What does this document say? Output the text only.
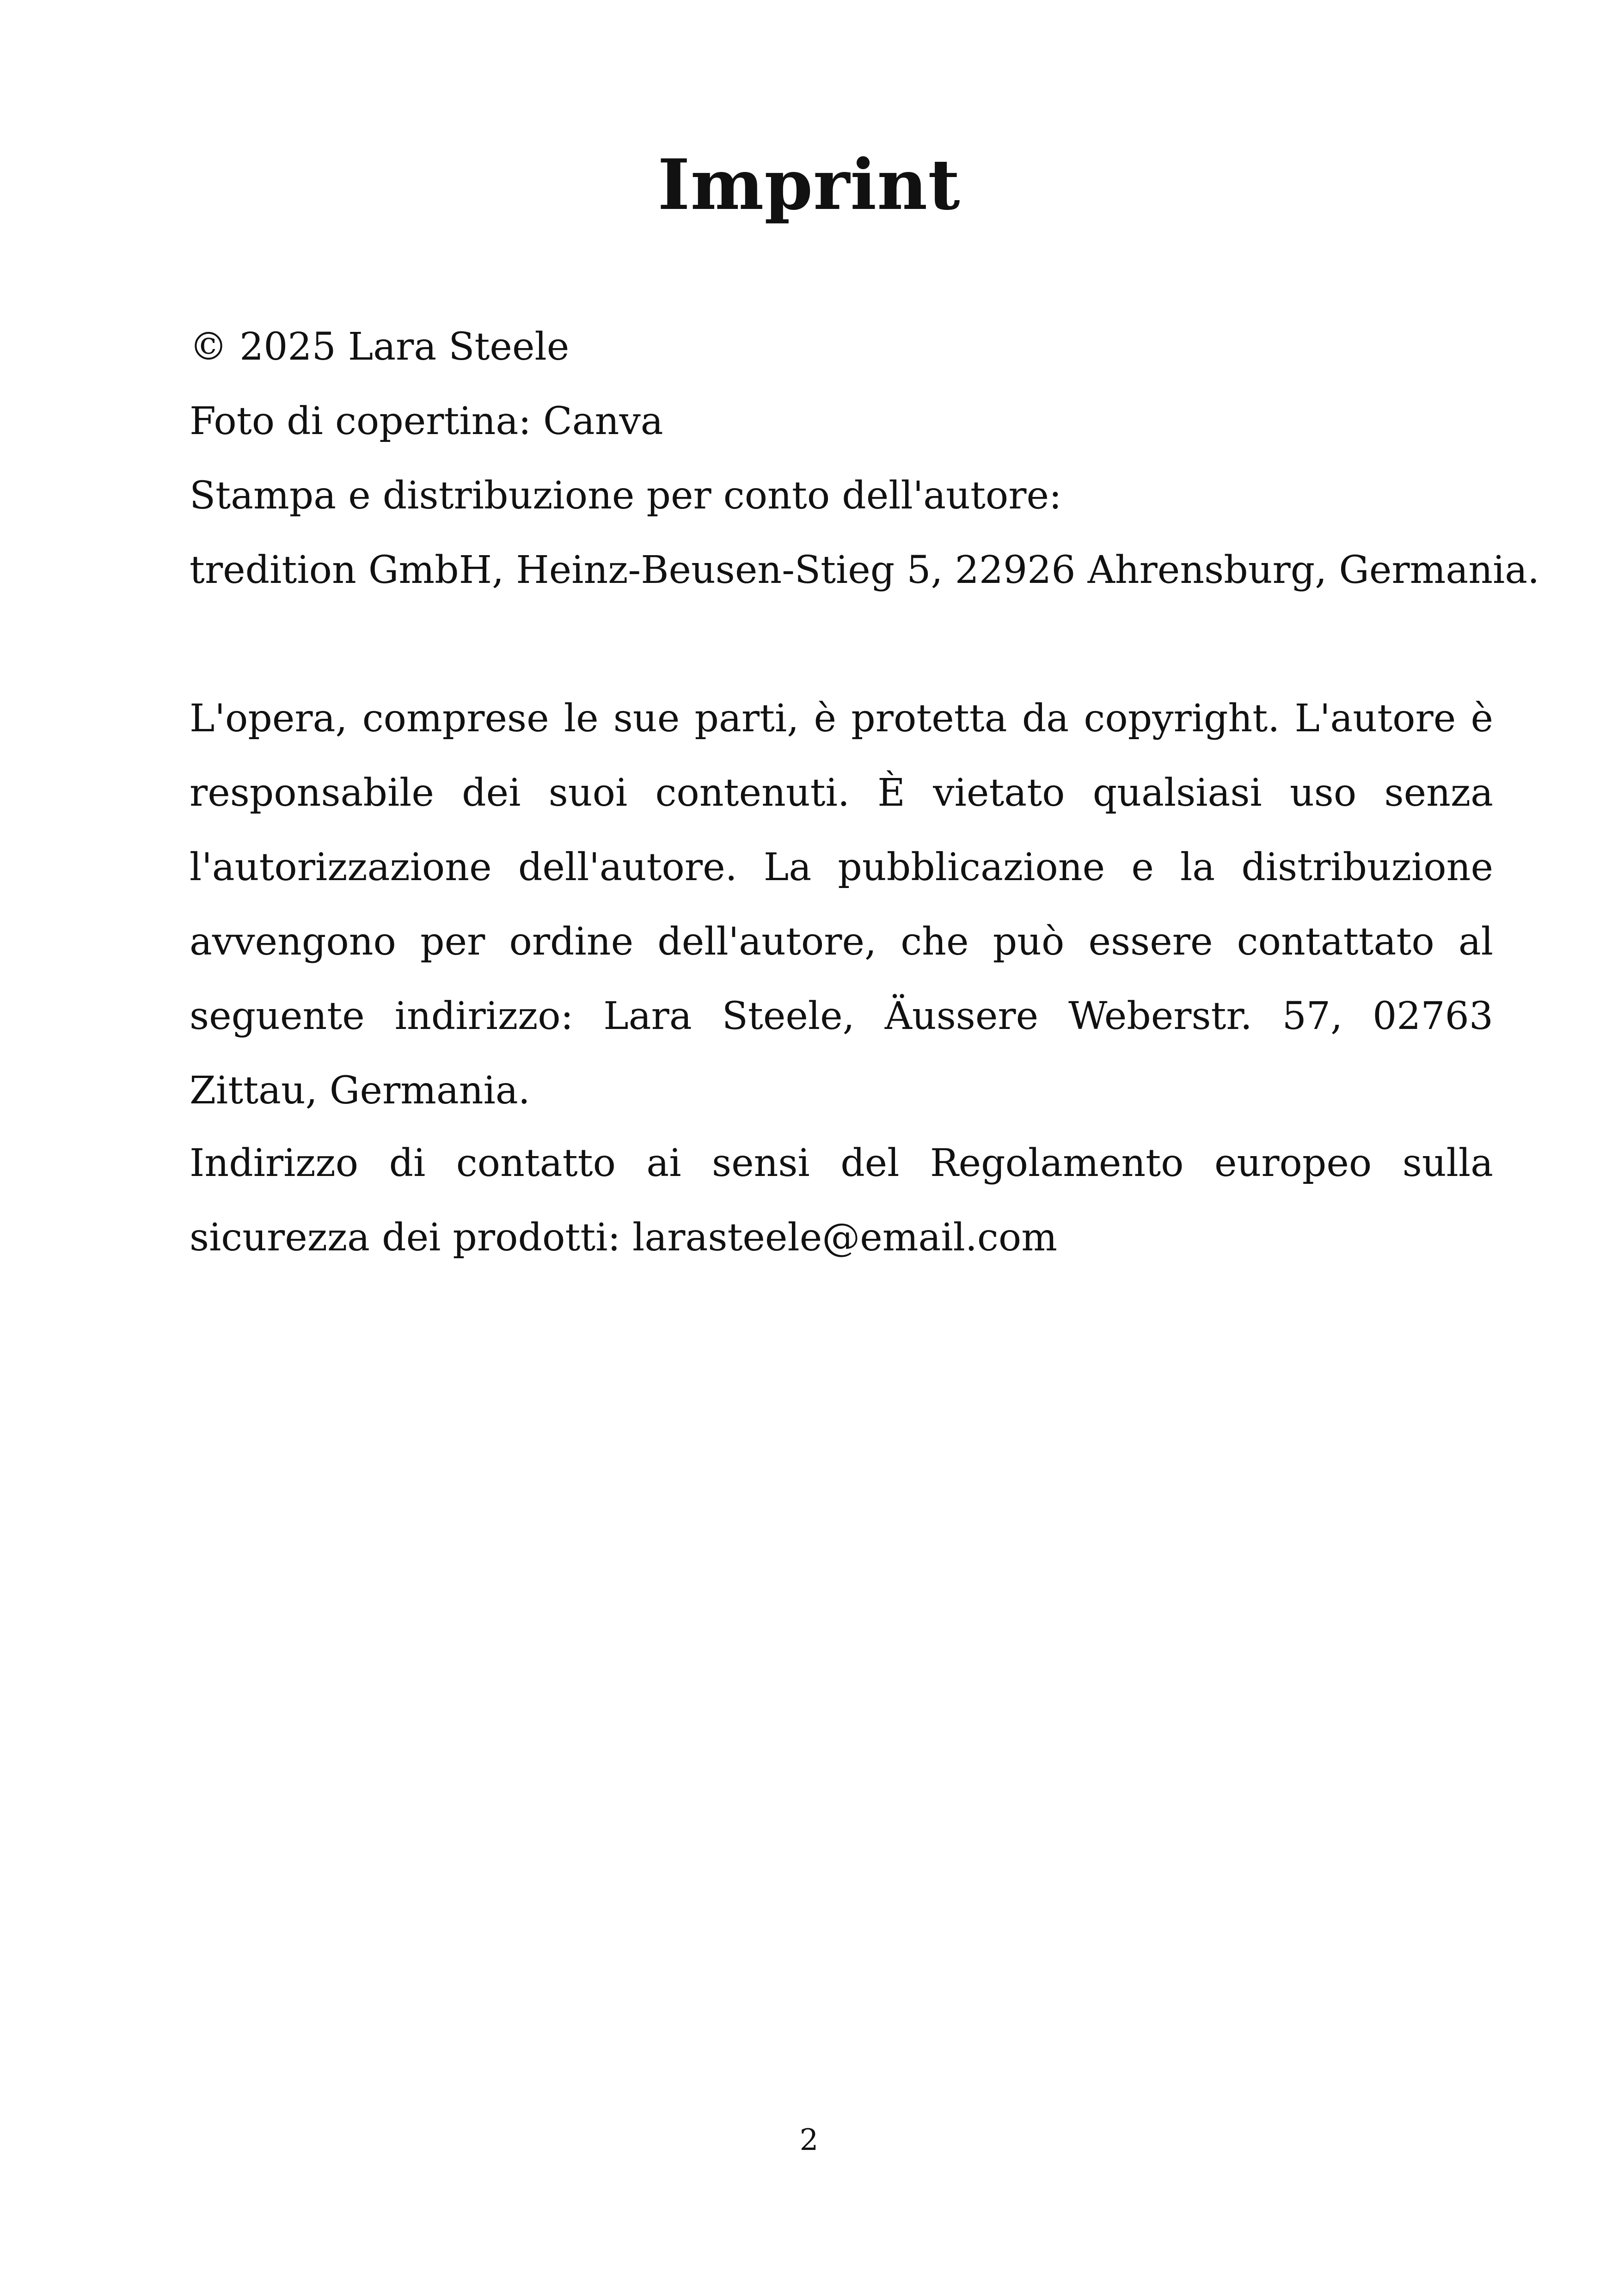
Imprint
© 2025 Lara Steele
Foto di copertina: Canva
Stampa e distribuzione per conto dell'autore:
tredition GmbH, Heinz-Beusen-Stieg 5, 22926 Ahrensburg, Germania.

L'opera, comprese le sue parti, è protetta da copyright. L'autore è responsabile dei suoi contenuti. È vietato qualsiasi uso senza l'autorizzazione dell'autore. La pubblicazione e la distribuzione avvengono per ordine dell'autore, che può essere contattato al seguente indirizzo: Lara Steele, Äussere Weberstr. 57, 02763 Zittau, Germania.

Indirizzo di contatto ai sensi del Regolamento europeo sulla sicurezza dei prodotti: larasteele@email.com

2
